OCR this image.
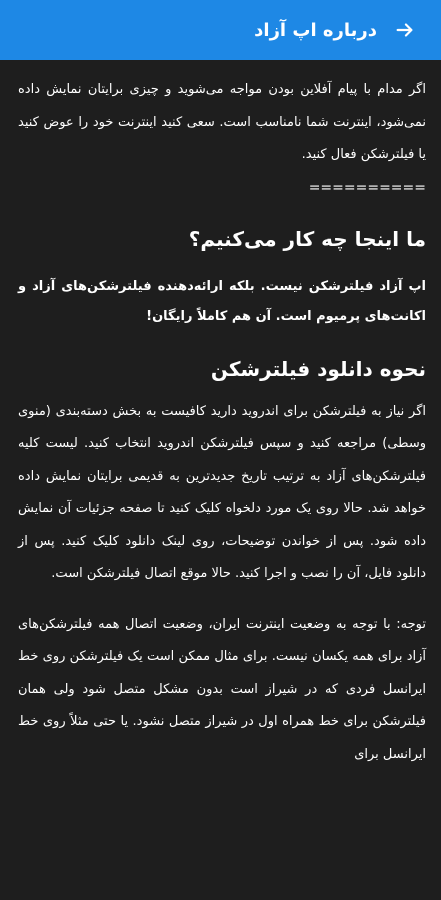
درباره اپ آزاد

اگر مدام با پیام آفلاین بودن مواجه می‌شوید و چیزی برایتان نمایش داده نمی‌شود، اینترنت شما نامناسب است. سعی کنید اینترنت خود را عوض کنید یا فیلترشکن فعال کنید.

==========

ما اینجا چه کار می‌کنیم؟

اپ آزاد فیلترشکن نیست. بلکه ارائه‌دهنده فیلترشکن‌های آزاد و اکانت‌های پرمیوم است. آن هم کاملاً رایگان!

نحوه دانلود فیلترشکن

اگر نیاز به فیلترشکن برای اندروید دارید کافیست به بخش دسته‌بندی (منوی وسطی) مراجعه کنید و سپس فیلترشکن اندروید انتخاب کنید. لیست کلیه فیلترشکن‌های آزاد به ترتیب تاریخ جدیدترین به قدیمی برایتان نمایش داده خواهد شد. حالا روی یک مورد دلخواه کلیک کنید تا صفحه جزئیات آن نمایش داده شود. پس از خواندن توضیحات، روی لینک دانلود کلیک کنید. پس از دانلود فایل، آن را نصب و اجرا کنید. حالا موقع اتصال فیلترشکن است.

توجه: با توجه به وضعیت اینترنت ایران، وضعیت اتصال همه فیلترشکن‌های آزاد برای همه یکسان نیست. برای مثال ممکن است یک فیلترشکن روی خط ایرانسل فردی که در شیراز است بدون مشکل متصل شود ولی همان فیلترشکن برای خط همراه اول در شیراز متصل نشود. یا حتی مثلاً روی خط ایرانسل برای
